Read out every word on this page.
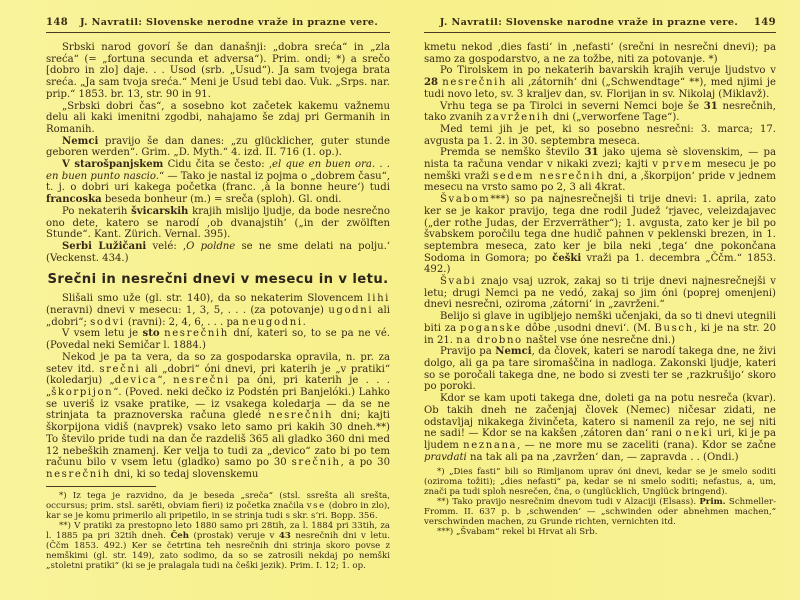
148	J. Navratil: Slovenske nerodne vraže in prazne vere.

Srbski narod govorí še dan današnji: „dobra sreća“ in „zla sreća“ (= „fortuna secunda et adversa“). Prim. ondi; *) a srečo [dobro in zlo] daje. . . Usod (srb. „Usud“). Ja sam tvojega brata sreća. „Ja sam tvoja sreća.“ Meni je Usud tebi dao. Vuk. „Srps. nar. prip.“ 1853. br. 13, str. 90 in 91.

„Srbski dobri čas“, a sosebno kot začetek kakemu važnemu delu ali kaki imenitni zgodbi, nahajamo še zdaj pri Germanih in Romanih.

Nemci pravijo še dan danes: „zu glücklicher, guter stunde geboren werden“. Grim. „D. Myth.“ 4. izd. II. 716 (1. op.).

V starošpanjskem Cidu čita se često: ,el que en buen ora. . . en buen punto nascio.“ — Tako je nastal iz pojma o „dobrem času“, t. j. o dobri uri kakega početka (franc. ,à la bonne heure‘) tudi francoska beseda bonheur (m.) = sreča (sploh). Gl. ondi.

Po nekaterih švicarskih krajih mislijo ljudje, da bode nesrečno ono dete, katero se narodí ,ob dvanajstih‘ („in der zwölften Stunde“. Kant. Zürich. Vernal. 395).

Serbi Lužičani velé: ,O poldne se ne sme delati na polju.‘ (Veckenst. 434.)

Srečni in nesrečni dnevi v mesecu in v letu.

Slišali smo uže (gl. str. 140), da so nekaterim Slovencem lihi (neravni) dnevi v mesecu: 1, 3, 5, . . . (za potovanje) ugodni ali „dobri“; sodvi (ravni): 2, 4, 6, . . . pa neugodni.

V vsem letu je sto nesrečnih dní, kateri so, to se pa ne vé. (Povedal neki Semičar l. 1884.)

Nekod je pa ta vera, da so za gospodarska opravila, n. pr. za setev itd. srečni ali „dobri“ óni dnevi, pri katerih je „v pratiki“ (koledarju) „devica“, nesrečni pa óni, pri katerih je . . . „škorpijon“. (Poved. neki dečko iz Podstén pri Banjelóki.) Lahko se uveriš iz vsake pratike, — iz vsakega koledarja — da se ne strinjata ta praznoverska računa gledé nesrečnih dni; kajti škorpijona vidiš (navprek) vsako leto samo pri kakih 30 dneh.**) To število pride tudi na dan če razdeliš 365 ali gladko 360 dni med 12 nebeških znamenj. Ker velja to tudi za „devico“ zato bi po tem računu bilo v vsem letu (gladko) samo po 30 srečnih, a po 30 nesrečnih dni, ki so tedaj slovenskemu

*) Iz tega je razvidno, da je beseda „sreča“ (stsl. ssrešta ali srešta, occursus; prim. stsl. sarěti, obviam fieri) iz početka značila vse (dobro in zlo), kar se je komu primerilo ali pripetilo, in se strinja tudi s skr. s’ri. Bopp. 356.

**) V pratiki za prestopno leto 1880 samo pri 28tih, za l. 1884 pri 33tih, za l. 1885 pa pri 32tih dneh. Čeh (prostak) veruje v 43 nesrečnih dni v letu. (Ččm 1853. 492.) Ker se četrtina teh nesrečnih dni strinja skoro povse z nemškimi (gl. str. 149), zato sodimo, da so se zatrosili nekdaj po nemški „stoletni pratiki“ (ki se je pralagala tudi na češki jezik). Prim. I. 12; 1. op.

J. Navratil: Slovenske narodne vraže in prazne vere.	149

kmetu nekod ,dies fasti‘ in ,nefasti‘ (srečni in nesrečni dnevi); pa samo za gospodarstvo, a ne za tožbe, niti za potovanje. *)

Po Tirolskem in po nekaterih bavarskih krajih veruje ljudstvo v 28 nesrečnih ali ,zátornih‘ dni („Schwendtage“ **), med njimi je tudi novo leto, sv. 3 kraljev dan, sv. Florijan in sv. Nikolaj (Miklavž).

Vrhu tega se pa Tirolci in severni Nemci boje še 31 nesrečnih, tako zvanih zavrženih dni („verworfene Tage“).

Med temi jih je pet, ki so posebno nesrečni: 3. marca; 17. avgusta pa 1. 2. in 30. septembra meseca.

Premda se nemško število 31 jako ujema sè slovenskim, — pa nista ta računa vendar v nikaki zvezi; kajti v prvem mesecu je po nemški vraži sedem nesrečnih dni, a ,škorpijon‘ pride v jednem mesecu na vrsto samo po 2, 3 ali 4krat.

Švabom***) so pa najnesrečnejši ti trije dnevi: 1. aprila, zato ker se je kakor pravijo, tega dne rodil Judež ’rjavec, veleizdajavec („der rothe Judas, der Erzverräther“); 1. avgusta, zato ker je bil po švabskem poročilu tega dne hudič pahnen v peklenski brezen, in 1. septembra meseca, zato ker je bila neki ,tega‘ dne pokončana Sodoma in Gomora; po češki vraži pa 1. decembra „Ččm.“ 1853. 492.)

Švabi znajo vsaj uzrok, zakaj so ti trije dnevi najnesrečnejši v letu; drugi Nemci pa ne vedó, zakaj so jim óni (poprej omenjeni) dnevi nesrečni, oziroma ,zátorni‘ in „zavrženi.“

Belijo si glave in ugibljejo nemški učenjaki, da so ti dnevi utegnili biti za poganske dôbe ,usodni dnevi‘. (M. Busch, ki je na str. 20 in 21. na drobno naštel vse óne nesrečne dni.)

Pravijo pa Nemci, da človek, kateri se narodí takega dne, ne živi dolgo, ali ga pa tare siromaščina in nadloga. Zakonski ljudje, kateri so se poročali takega dne, ne bodo si zvesti ter se ,razkrušijo‘ skoro po poroki.

Kdor se kam upoti takega dne, doleti ga na potu nesreča (kvar). Ob takih dneh ne začenjaj človek (Nemec) ničesar zidati, ne odstavljaj nikakega živinčeta, katero si namenil za rejo, ne sej niti ne sadi! — Kdor se na kakšen ,zátoren dan‘ rani o neki uri, ki je pa ljudem neznana, — ne more mu se zaceliti (rana). Kdor se začne pravdati na tak ali pa na ,zavržen‘ dan, — zapravda . . (Ondi.)

*) „Dies fasti“ bili so Rimljanom uprav óni dnevi, kedar se je smelo soditi (oziroma tožiti); „dies nefasti“ pa, kedar se ni smelo soditi; nefastus, a, um, znači pa tudi sploh nesrečen, čna, o (unglücklich, Unglück bringend).

**) Tako pravijo nesrečnim dnevom tudi v Alzaciji (Elsass). Prim. Schmeller-Fromm. II. 637 p. b ,schwenden‘ — „schwinden oder abnehmen machen,“ verschwinden machen, zu Grunde richten, vernichten itd.

***) „Švabam“ rekel bi Hrvat ali Srb.
